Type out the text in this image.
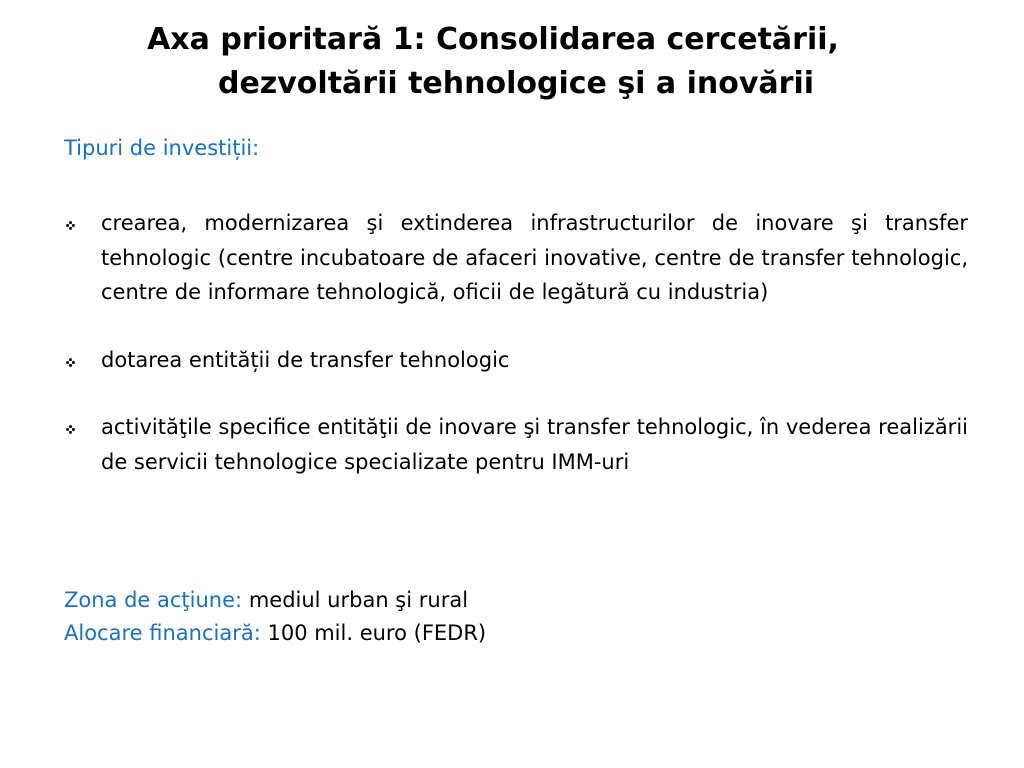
Axa prioritară 1: Consolidarea cercetării,
dezvoltării tehnologice şi a inovării

Tipuri de investiții:

crearea, modernizarea şi extinderea infrastructurilor de inovare şi transfer tehnologic (centre incubatoare de afaceri inovative, centre de transfer tehnologic, centre de informare tehnologică, oficii de legătură cu industria)
dotarea entității de transfer tehnologic
activităţile specifice entităţii de inovare şi transfer tehnologic, în vederea realizării de servicii tehnologice specializate pentru IMM-uri
Zona de acţiune: mediul urban şi rural
Alocare financiară: 100 mil. euro (FEDR)
